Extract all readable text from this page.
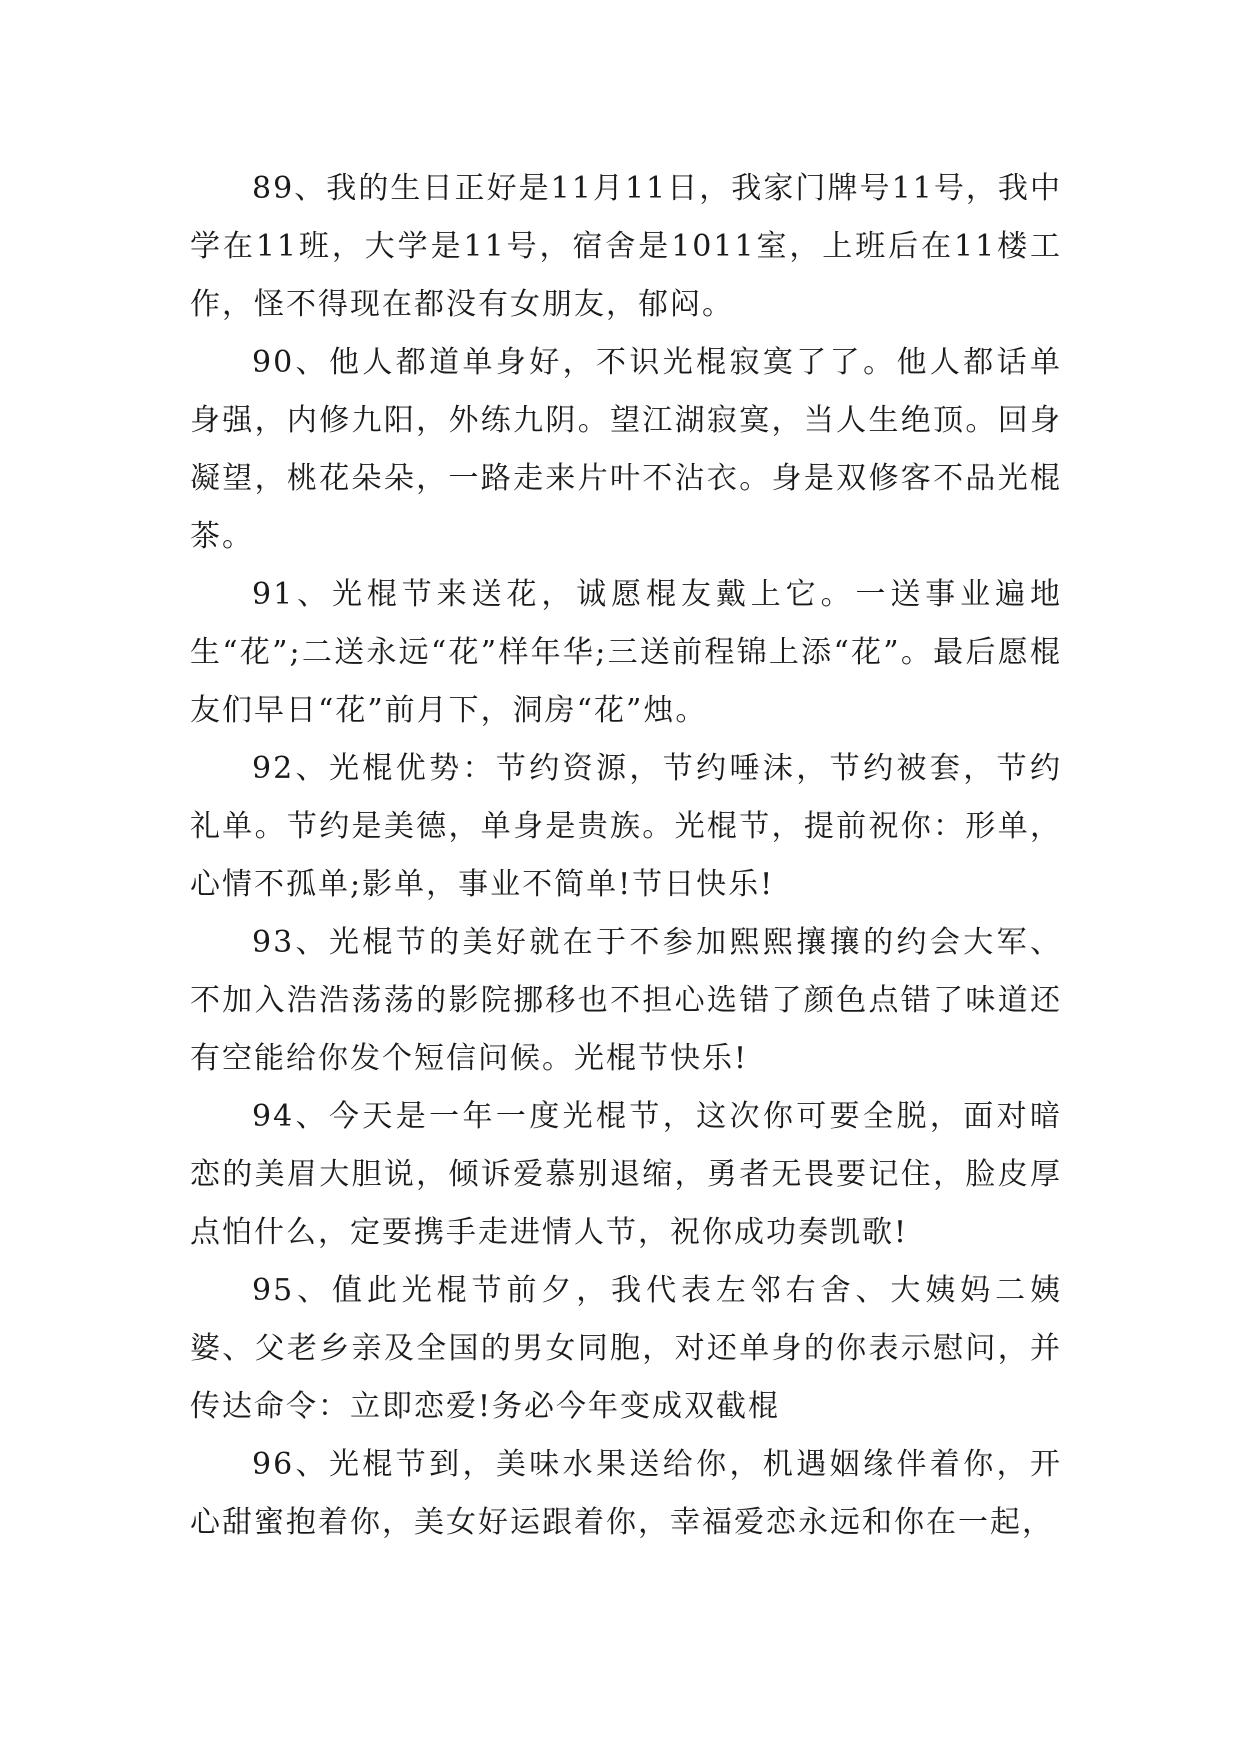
89、我的生日正好是11月11日，我家门牌号11号，我中学在11班，大学是11号，宿舍是1011室，上班后在11楼工作，怪不得现在都没有女朋友，郁闷。

90、他人都道单身好，不识光棍寂寞了了。他人都话单身强，内修九阳，外练九阴。望江湖寂寞，当人生绝顶。回身凝望，桃花朵朵，一路走来片叶不沾衣。身是双修客不品光棍茶。

91、光棍节来送花，诚愿棍友戴上它。一送事业遍地生“花”;二送永远“花”样年华;三送前程锦上添“花”。最后愿棍友们早日“花”前月下，洞房“花”烛。

92、光棍优势：节约资源，节约唾沫，节约被套，节约礼单。节约是美德，单身是贵族。光棍节，提前祝你：形单，心情不孤单;影单，事业不简单!节日快乐!

93、光棍节的美好就在于不参加熙熙攘攘的约会大军、不加入浩浩荡荡的影院挪移也不担心选错了颜色点错了味道还有空能给你发个短信问候。光棍节快乐!

94、今天是一年一度光棍节，这次你可要全脱，面对暗恋的美眉大胆说，倾诉爱慕别退缩，勇者无畏要记住，脸皮厚点怕什么，定要携手走进情人节，祝你成功奏凯歌!

95、值此光棍节前夕，我代表左邻右舍、大姨妈二姨婆、父老乡亲及全国的男女同胞，对还单身的你表示慰问，并传达命令：立即恋爱!务必今年变成双截棍

96、光棍节到，美味水果送给你，机遇姻缘伴着你，开心甜蜜抱着你，美女好运跟着你，幸福爱恋永远和你在一起，
